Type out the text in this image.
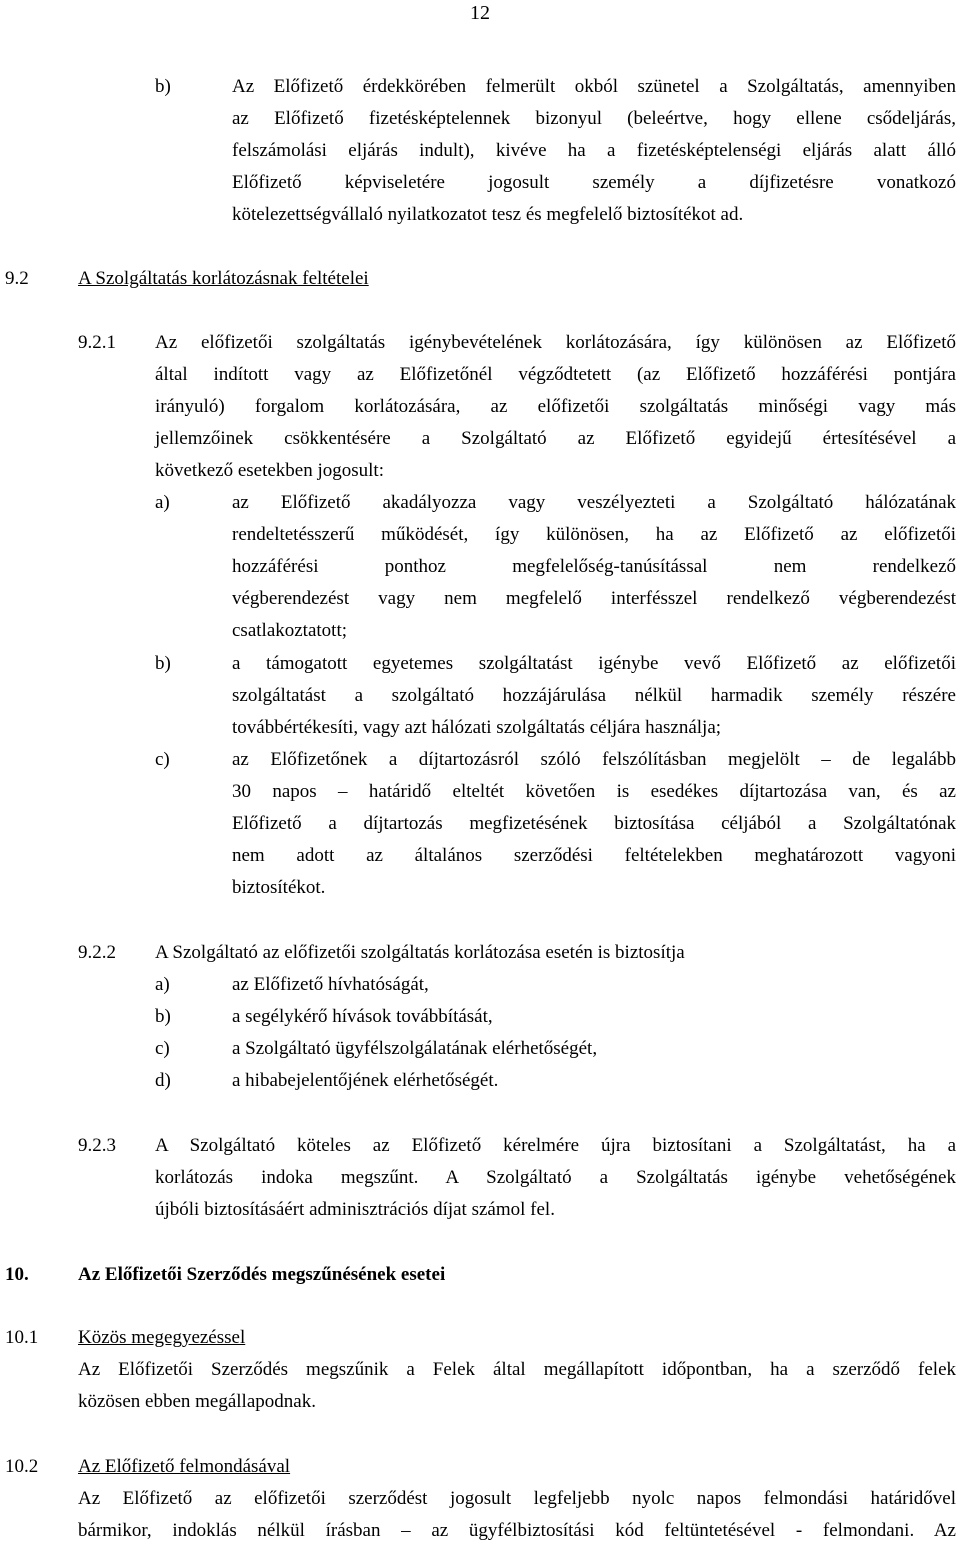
12
b)	Az Előfizető érdekkörében felmerült okból szünetel a Szolgáltatás, amennyiben
az Előfizető fizetésképtelennek bizonyul (beleértve, hogy ellene csődeljárás,
felszámolási eljárás indult), kivéve ha a fizetésképtelenségi eljárás alatt álló
Előfizető képviseletére jogosult személy a díjfizetésre vonatkozó
kötelezettségvállaló nyilatkozatot tesz és megfelelő biztosítékot ad.
9.2	A Szolgáltatás korlátozásnak feltételei
9.2.1 Az előfizetői szolgáltatás igénybevételének korlátozására, így különösen az Előfizető
által indított vagy az Előfizetőnél végződtetett (az Előfizető hozzáférési pontjára
irányuló) forgalom korlátozására, az előfizetői szolgáltatás minőségi vagy más
jellemzőinek csökkentésére a Szolgáltató az Előfizető egyidejű értesítésével a
következő esetekben jogosult:
a)	az Előfizető akadályozza vagy veszélyezteti a Szolgáltató hálózatának
rendeltetésszerű működését, így különösen, ha az Előfizető az előfizetői
hozzáférési ponthoz megfelelőség-tanúsítással nem rendelkező
végberendezést vagy nem megfelelő interfésszel rendelkező végberendezést
csatlakoztatott;
b)	a támogatott egyetemes szolgáltatást igénybe vevő Előfizető az előfizetői
szolgáltatást a szolgáltató hozzájárulása nélkül harmadik személy részére
továbbértékesíti, vagy azt hálózati szolgáltatás céljára használja;
c)	az Előfizetőnek a díjtartozásról szóló felszólításban megjelölt – de legalább
30 napos – határidő elteltét követően is esedékes díjtartozása van, és az
Előfizető a díjtartozás megfizetésének biztosítása céljából a Szolgáltatónak
nem adott az általános szerződési feltételekben meghatározott vagyoni
biztosítékot.
9.2.2 A Szolgáltató az előfizetői szolgáltatás korlátozása esetén is biztosítja
a)	az Előfizető hívhatóságát,
b)	a segélykérő hívások továbbítását,
c)	a Szolgáltató ügyfélszolgálatának elérhetőségét,
d)	a hibabejelentőjének elérhetőségét.
9.2.3 A Szolgáltató köteles az Előfizető kérelmére újra biztosítani a Szolgáltatást, ha a
korlátozás indoka megszűnt. A Szolgáltató a Szolgáltatás igénybe vehetőségének
újbóli biztosításáért adminisztrációs díjat számol fel.
10.	Az Előfizetői Szerződés megszűnésének esetei
10.1 Közös megegyezéssel
Az Előfizetői Szerződés megszűnik a Felek által megállapított időpontban, ha a szerződő felek
közösen ebben megállapodnak.
10.2 Az Előfizető felmondásával
Az Előfizető az előfizetői szerződést jogosult legfeljebb nyolc napos felmondási határidővel
bármikor, indoklás nélkül írásban – az ügyfélbiztosítási kód feltüntetésével - felmondani. Az
